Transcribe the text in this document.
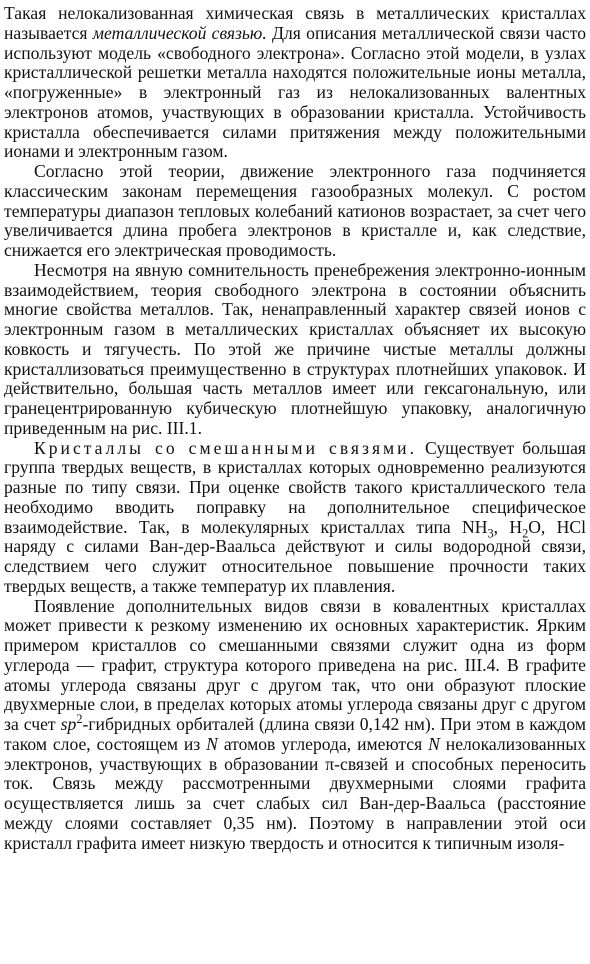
Такая нелокализованная химическая связь в металлических кристаллах называется металлической связью. Для описания металлической связи часто используют модель «свободного электрона». Согласно этой модели, в узлах кристаллической решетки металла находятся положительные ионы металла, «погруженные» в электронный газ из нелокализованных валентных электронов атомов, участвующих в образовании кристалла. Устойчивость кристалла обеспечивается силами притяжения между положительными ионами и электронным газом.

Согласно этой теории, движение электронного газа подчиняется классическим законам перемещения газообразных молекул. С ростом температуры диапазон тепловых колебаний катионов возрастает, за счет чего увеличивается длина пробега электронов в кристалле и, как следствие, снижается его электрическая проводимость.

Несмотря на явную сомнительность пренебрежения электронно-ионным взаимодействием, теория свободного электрона в состоянии объяснить многие свойства металлов. Так, ненаправленный характер связей ионов с электронным газом в металлических кристаллах объясняет их высокую ковкость и тягучесть. По этой же причине чистые металлы должны кристаллизоваться преимущественно в структурах плотнейших упаковок. И действительно, большая часть металлов имеет или гексагональную, или гранецентрированную кубическую плотнейшую упаковку, аналогичную приведенным на рис. III.1.

Кристаллы со смешанными связями. Существует большая группа твердых веществ, в кристаллах которых одновременно реализуются разные по типу связи. При оценке свойств такого кристаллического тела необходимо вводить поправку на дополнительное специфическое взаимодействие. Так, в молекулярных кристаллах типа $NH_3$, $H_2O$, HCl наряду с силами Ван-дер-Ваальса действуют и силы водородной связи, следствием чего служит относительное повышение прочности таких твердых веществ, а также температур их плавления.

Появление дополнительных видов связи в ковалентных кристаллах может привести к резкому изменению их основных характеристик. Ярким примером кристаллов со смешанными связями служит одна из форм углерода — графит, структура которого приведена на рис. III.4. В графите атомы углерода связаны друг с другом так, что они образуют плоские двухмерные слои, в пределах которых атомы углерода связаны друг с другом за счет $sp^2$-гибридных орбиталей (длина связи 0,142 нм). При этом в каждом таком слое, состоящем из N атомов углерода, имеются N нелокализованных электронов, участвующих в образовании π-связей и способных переносить ток. Связь между рассмотренными двухмерными слоями графита осуществляется лишь за счет слабых сил Ван-дер-Ваальса (расстояние между слоями составляет 0,35 нм). Поэтому в направлении этой оси кристалл графита имеет низкую твердость и относится к типичным изоля-
